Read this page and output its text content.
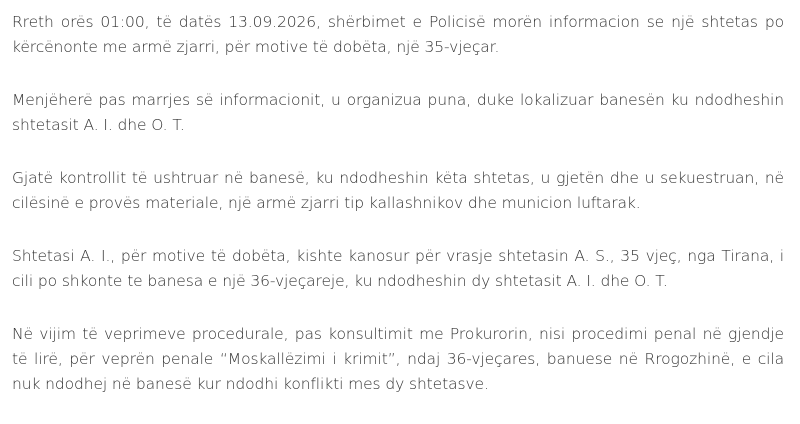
Rreth orës 01:00, të datës 13.09.2026, shërbimet e Policisë morën informacion se një shtetas po kërcënonte me armë zjarri, për motive të dobëta, një 35-vjeçar.

Menjëherë pas marrjes së informacionit, u organizua puna, duke lokalizuar banesën ku ndodheshin shtetasit A. I. dhe O. T.

Gjatë kontrollit të ushtruar në banesë, ku ndodheshin këta shtetas, u gjetën dhe u sekuestruan, në cilësinë e provës materiale, një armë zjarri tip kallashnikov dhe municion luftarak.

Shtetasi A. I., për motive të dobëta, kishte kanosur për vrasje shtetasin A. S., 35 vjeç, nga Tirana, i cili po shkonte te banesa e një 36-vjeçareje, ku ndodheshin dy shtetasit A. I. dhe O. T.

Në vijim të veprimeve procedurale, pas konsultimit me Prokurorin, nisi procedimi penal në gjendje të lirë, për veprën penale “Moskallëzimi i krimit”, ndaj 36-vjeçares, banuese në Rrogozhinë, e cila nuk ndodhej në banesë kur ndodhi konflikti mes dy shtetasve.
